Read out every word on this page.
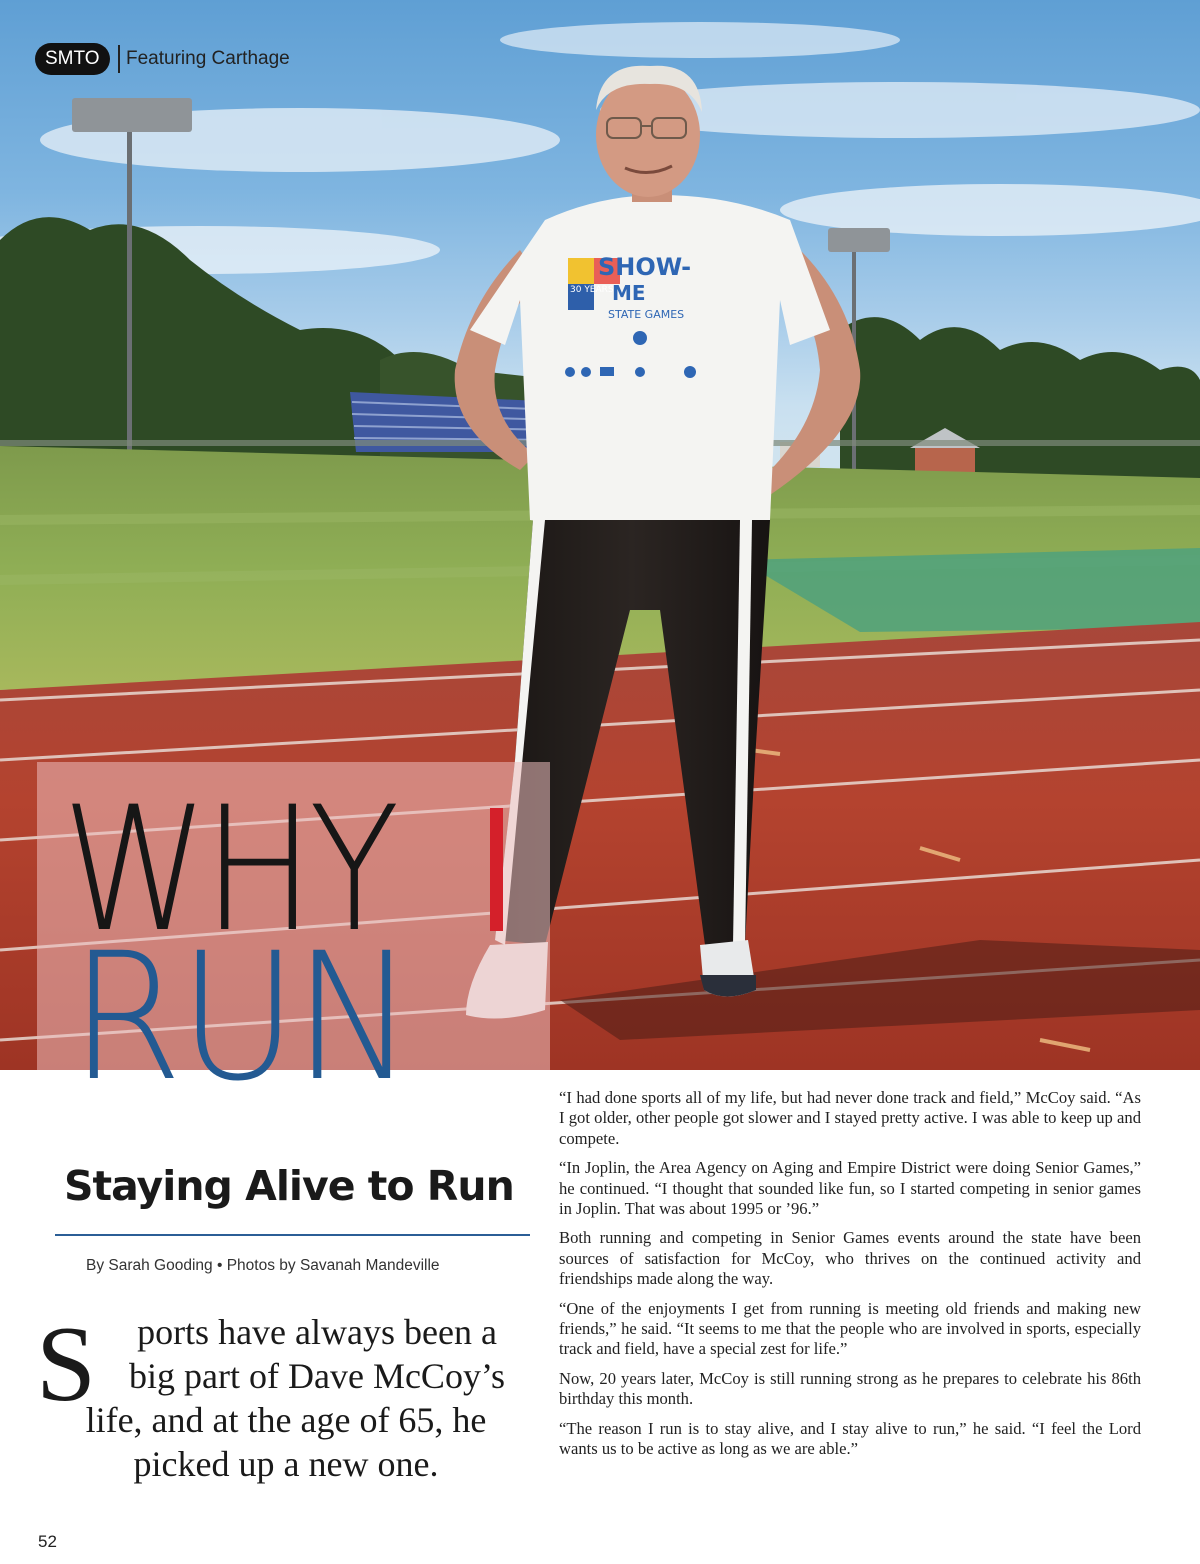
SHOW-
ME
30 YEARS
STATE GAMES
SMTO	Featuring Carthage
WHY
RUN
Staying Alive to Run
By Sarah Gooding • Photos by Savanah Mandeville
S	ports have always been a
big part of Dave McCoy’s
life, and at the age of 65, he
picked up a new one.
52

“I had done sports all of my life, but had never done track and field,” McCoy said. “As I got older, other people got slower and I stayed pretty active. I was able to keep up and compete.

“In Joplin, the Area Agency on Aging and Empire District were doing Senior Games,” he continued. “I thought that sounded like fun, so I started competing in senior games in Joplin. That was about 1995 or ’96.”

Both running and competing in Senior Games events around the state have been sources of satisfaction for McCoy, who thrives on the continued activity and friendships made along the way.

“One of the enjoyments I get from running is meeting old friends and making new friends,” he said. “It seems to me that the people who are involved in sports, especially track and field, have a special zest for life.”

Now, 20 years later, McCoy is still running strong as he prepares to celebrate his 86th birthday this month.

“The reason I run is to stay alive, and I stay alive to run,” he said. “I feel the Lord wants us to be active as long as we are able.”
